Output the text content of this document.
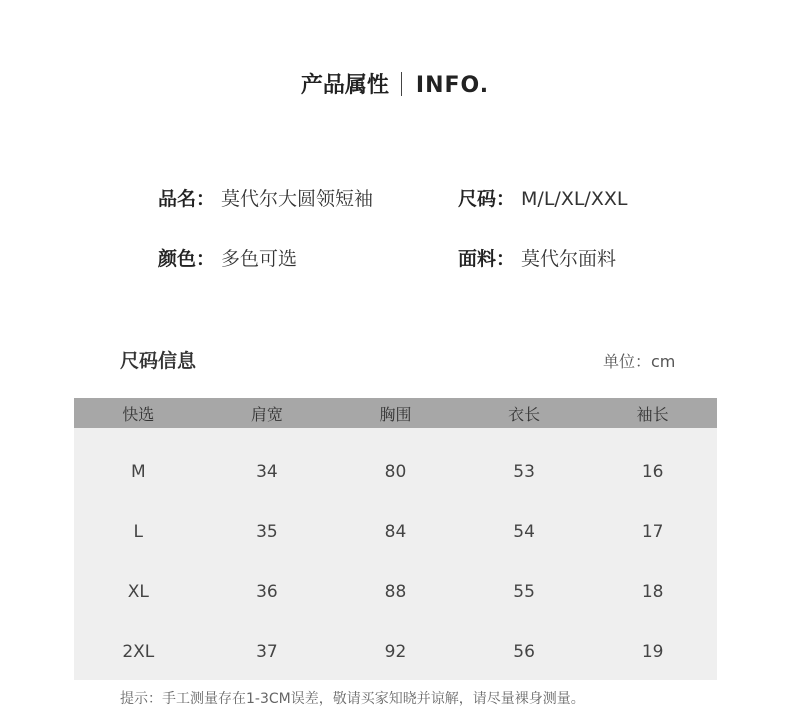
产品属性 INFO.
品名： 莫代尔大圆领短袖	尺码： M/L/XL/XXL
颜色： 多色可选	面料： 莫代尔面料
尺码信息	单位：cm
快选	肩宽	胸围	衣长	袖长
M	34	80	53	16
L	35	84	54	17
XL	36	88	55	18
2XL	37	92	56	19
提示：手工测量存在1-3CM误差，敬请买家知晓并谅解，请尽量裸身测量。
